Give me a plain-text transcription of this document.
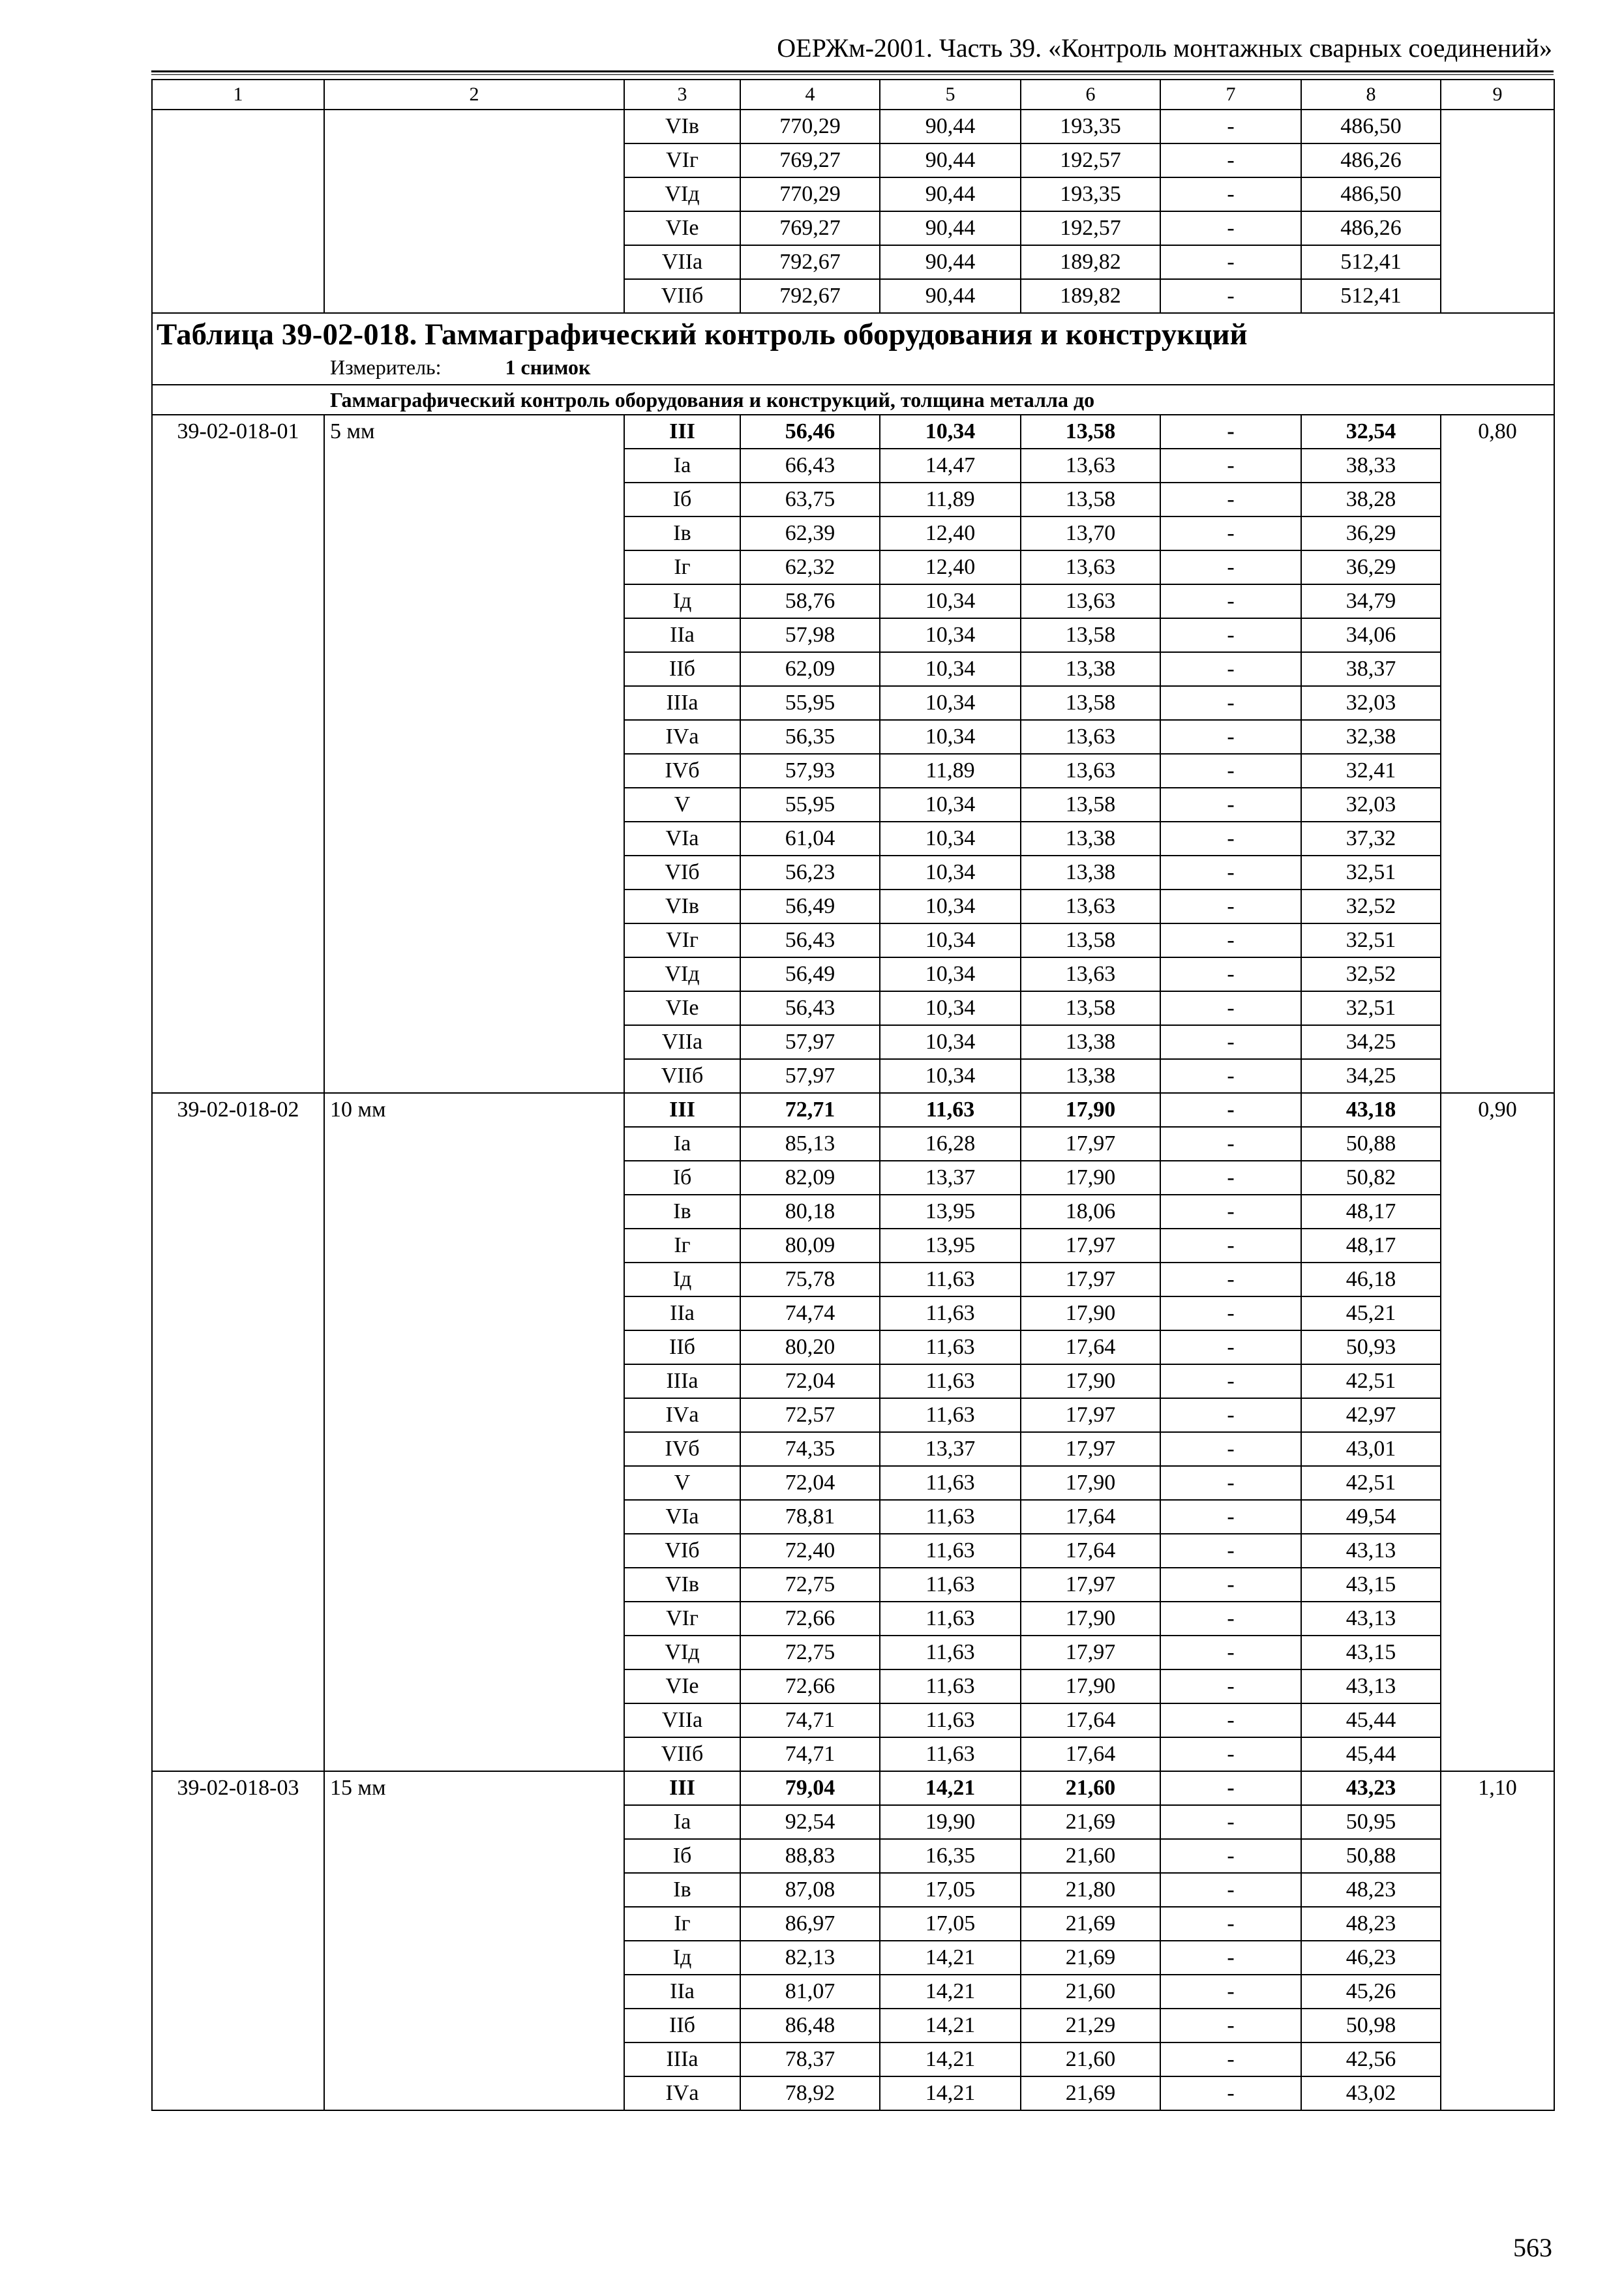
ОЕРЖм-2001. Часть 39. «Контроль монтажных сварных соединений»
1	2	3	4	5	6	7	8	9
		VIв	770,29	90,44	193,35	-	486,50	
		VIг	769,27	90,44	192,57	-	486,26	
		VIд	770,29	90,44	193,35	-	486,50	
		VIе	769,27	90,44	192,57	-	486,26	
		VIIа	792,67	90,44	189,82	-	512,41	
		VIIб	792,67	90,44	189,82	-	512,41	

Таблица 39-02-018. Гаммаграфический контроль оборудования и конструкций
Измеритель: 1 снимок								

Гаммаграфический контроль оборудования и конструкций, толщина металла до								
39-02-018-01	5 мм	III	56,46	10,34	13,58	-	32,54	0,80
		Iа	66,43	14,47	13,63	-	38,33	
		Iб	63,75	11,89	13,58	-	38,28	
		Iв	62,39	12,40	13,70	-	36,29	
		Iг	62,32	12,40	13,63	-	36,29	
		Iд	58,76	10,34	13,63	-	34,79	
		IIа	57,98	10,34	13,58	-	34,06	
		IIб	62,09	10,34	13,38	-	38,37	
		IIIа	55,95	10,34	13,58	-	32,03	
		IVа	56,35	10,34	13,63	-	32,38	
		IVб	57,93	11,89	13,63	-	32,41	
		V	55,95	10,34	13,58	-	32,03	
		VIа	61,04	10,34	13,38	-	37,32	
		VIб	56,23	10,34	13,38	-	32,51	
		VIв	56,49	10,34	13,63	-	32,52	
		VIг	56,43	10,34	13,58	-	32,51	
		VIд	56,49	10,34	13,63	-	32,52	
		VIе	56,43	10,34	13,58	-	32,51	
		VIIа	57,97	10,34	13,38	-	34,25	
		VIIб	57,97	10,34	13,38	-	34,25	
39-02-018-02	10 мм	III	72,71	11,63	17,90	-	43,18	0,90
		Iа	85,13	16,28	17,97	-	50,88	
		Iб	82,09	13,37	17,90	-	50,82	
		Iв	80,18	13,95	18,06	-	48,17	
		Iг	80,09	13,95	17,97	-	48,17	
		Iд	75,78	11,63	17,97	-	46,18	
		IIа	74,74	11,63	17,90	-	45,21	
		IIб	80,20	11,63	17,64	-	50,93	
		IIIа	72,04	11,63	17,90	-	42,51	
		IVа	72,57	11,63	17,97	-	42,97	
		IVб	74,35	13,37	17,97	-	43,01	
		V	72,04	11,63	17,90	-	42,51	
		VIа	78,81	11,63	17,64	-	49,54	
		VIб	72,40	11,63	17,64	-	43,13	
		VIв	72,75	11,63	17,97	-	43,15	
		VIг	72,66	11,63	17,90	-	43,13	
		VIд	72,75	11,63	17,97	-	43,15	
		VIе	72,66	11,63	17,90	-	43,13	
		VIIа	74,71	11,63	17,64	-	45,44	
		VIIб	74,71	11,63	17,64	-	45,44	
39-02-018-03	15 мм	III	79,04	14,21	21,60	-	43,23	1,10
		Iа	92,54	19,90	21,69	-	50,95	
		Iб	88,83	16,35	21,60	-	50,88	
		Iв	87,08	17,05	21,80	-	48,23	
		Iг	86,97	17,05	21,69	-	48,23	
		Iд	82,13	14,21	21,69	-	46,23	
		IIа	81,07	14,21	21,60	-	45,26	
		IIб	86,48	14,21	21,29	-	50,98	
		IIIа	78,37	14,21	21,60	-	42,56	
		IVа	78,92	14,21	21,69	-	43,02	
563
